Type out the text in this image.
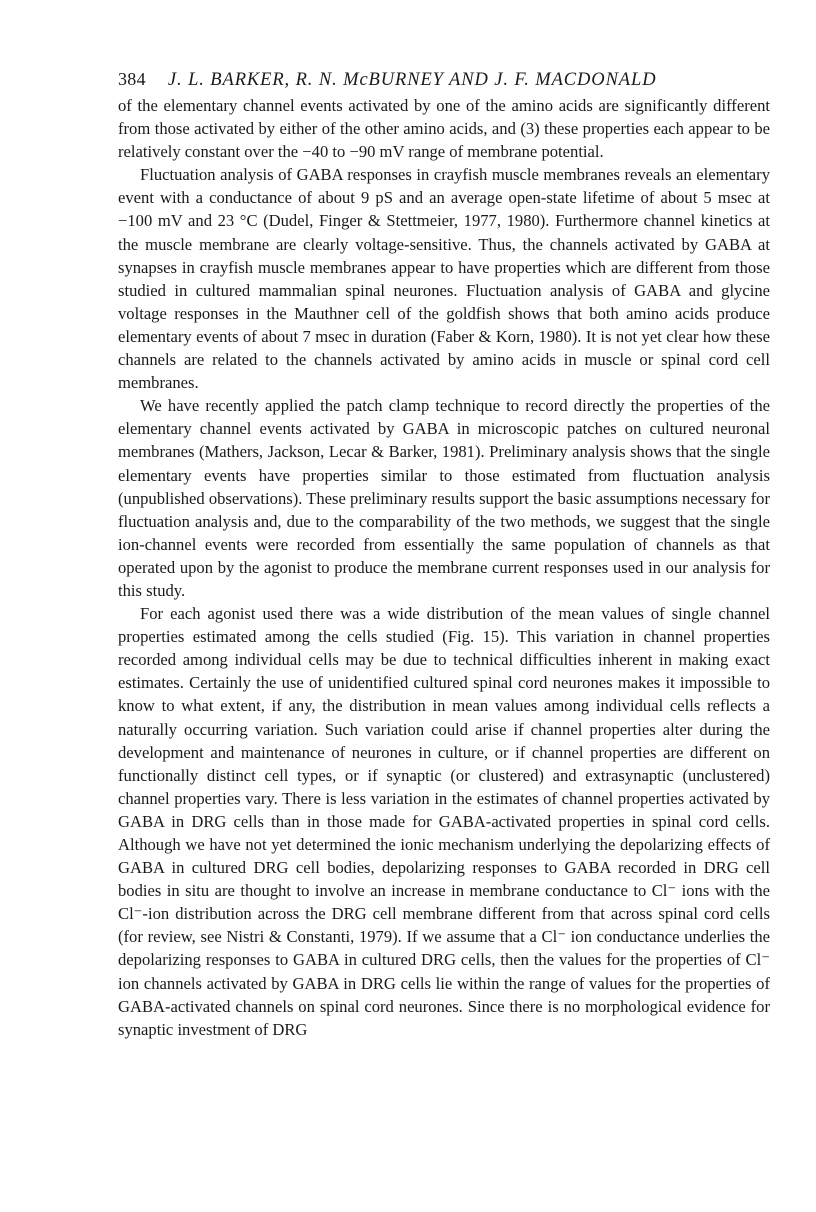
384 J. L. BARKER, R. N. McBURNEY AND J. F. MACDONALD

of the elementary channel events activated by one of the amino acids are significantly different from those activated by either of the other amino acids, and (3) these properties each appear to be relatively constant over the −40 to −90 mV range of membrane potential.

Fluctuation analysis of GABA responses in crayfish muscle membranes reveals an elementary event with a conductance of about 9 pS and an average open-state lifetime of about 5 msec at −100 mV and 23 °C (Dudel, Finger & Stettmeier, 1977, 1980). Furthermore channel kinetics at the muscle membrane are clearly voltage-sensitive. Thus, the channels activated by GABA at synapses in crayfish muscle membranes appear to have properties which are different from those studied in cultured mammalian spinal neurones. Fluctuation analysis of GABA and glycine voltage responses in the Mauthner cell of the goldfish shows that both amino acids produce elementary events of about 7 msec in duration (Faber & Korn, 1980). It is not yet clear how these channels are related to the channels activated by amino acids in muscle or spinal cord cell membranes.

We have recently applied the patch clamp technique to record directly the properties of the elementary channel events activated by GABA in microscopic patches on cultured neuronal membranes (Mathers, Jackson, Lecar & Barker, 1981). Preliminary analysis shows that the single elementary events have properties similar to those estimated from fluctuation analysis (unpublished observations). These preliminary results support the basic assumptions necessary for fluctuation analysis and, due to the comparability of the two methods, we suggest that the single ion-channel events were recorded from essentially the same population of channels as that operated upon by the agonist to produce the membrane current responses used in our analysis for this study.

For each agonist used there was a wide distribution of the mean values of single channel properties estimated among the cells studied (Fig. 15). This variation in channel properties recorded among individual cells may be due to technical difficulties inherent in making exact estimates. Certainly the use of unidentified cultured spinal cord neurones makes it impossible to know to what extent, if any, the distribution in mean values among individual cells reflects a naturally occurring variation. Such variation could arise if channel properties alter during the development and maintenance of neurones in culture, or if channel properties are different on functionally distinct cell types, or if synaptic (or clustered) and extrasynaptic (unclustered) channel properties vary. There is less variation in the estimates of channel properties activated by GABA in DRG cells than in those made for GABA-activated properties in spinal cord cells. Although we have not yet determined the ionic mechanism underlying the depolarizing effects of GABA in cultured DRG cell bodies, depolarizing responses to GABA recorded in DRG cell bodies in situ are thought to involve an increase in membrane conductance to Cl⁻ ions with the Cl⁻-ion distribution across the DRG cell membrane different from that across spinal cord cells (for review, see Nistri & Constanti, 1979). If we assume that a Cl⁻ ion conductance underlies the depolarizing responses to GABA in cultured DRG cells, then the values for the properties of Cl⁻ ion channels activated by GABA in DRG cells lie within the range of values for the properties of GABA-activated channels on spinal cord neurones. Since there is no morphological evidence for synaptic investment of DRG
